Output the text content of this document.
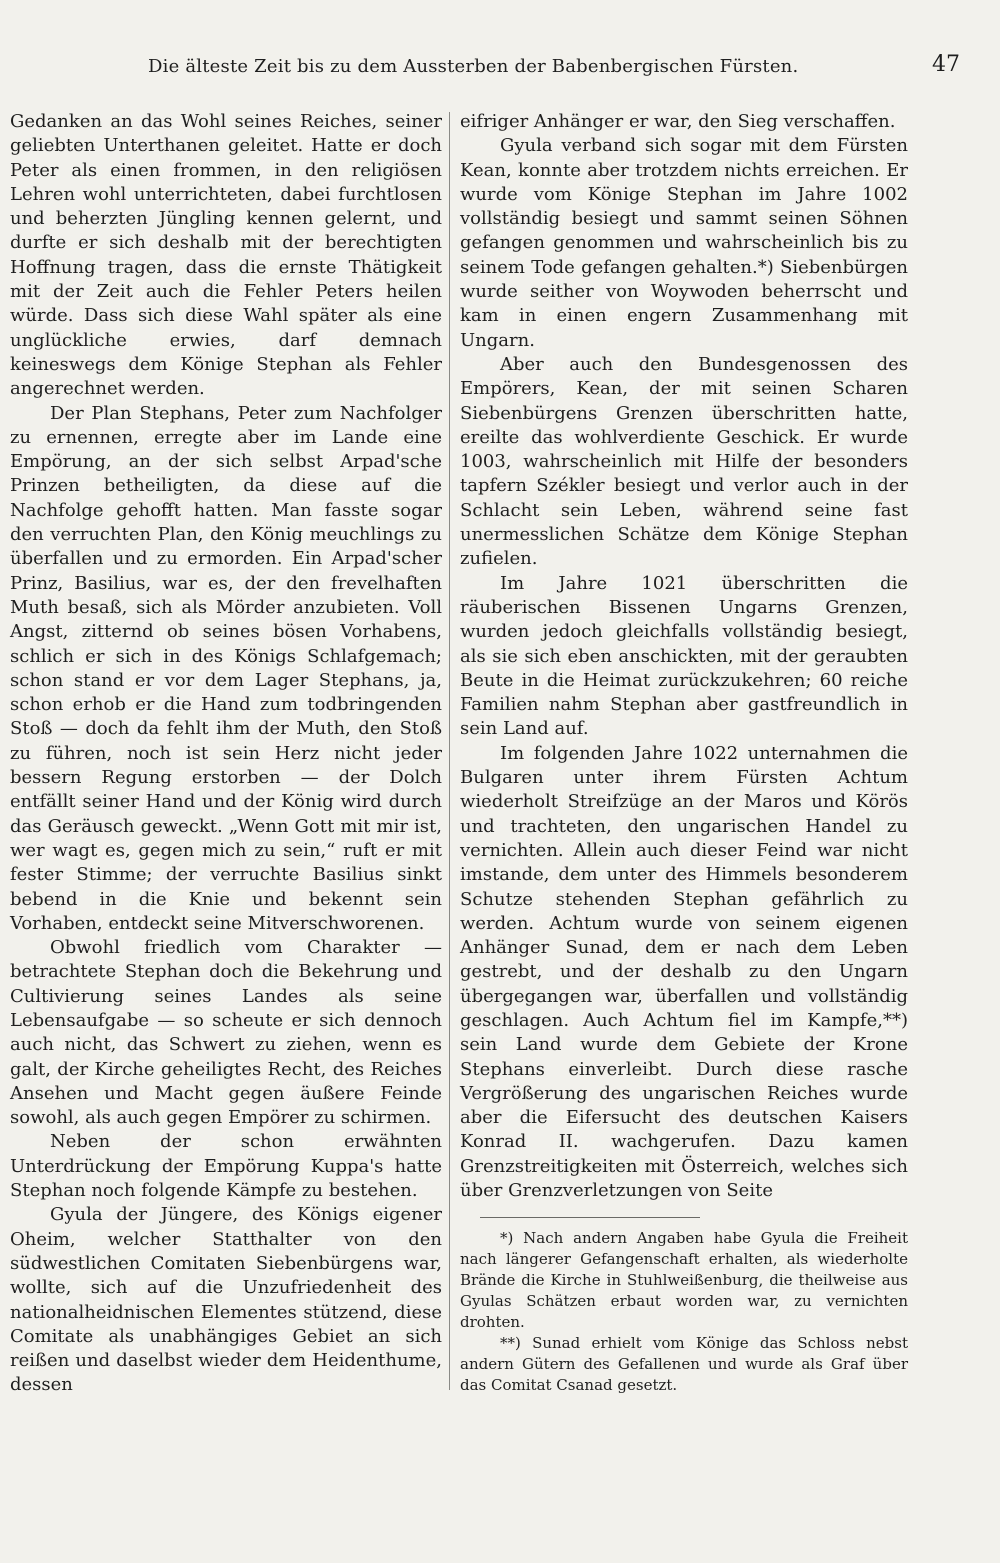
Die älteste Zeit bis zu dem Aussterben der Babenbergischen Fürsten.	47

Gedanken an das Wohl seines Reiches, seiner geliebten Unterthanen geleitet. Hatte er doch Peter als einen frommen, in den religiösen Lehren wohl unterrichteten, dabei furchtlosen und beherzten Jüngling kennen gelernt, und durfte er sich deshalb mit der berechtigten Hoffnung tragen, dass die ernste Thätigkeit mit der Zeit auch die Fehler Peters heilen würde. Dass sich diese Wahl später als eine unglückliche erwies, darf demnach keineswegs dem Könige Stephan als Fehler angerechnet werden.

Der Plan Stephans, Peter zum Nachfolger zu ernennen, erregte aber im Lande eine Empörung, an der sich selbst Arpad'sche Prinzen betheiligten, da diese auf die Nachfolge gehofft hatten. Man fasste sogar den verruchten Plan, den König meuchlings zu überfallen und zu ermorden. Ein Arpad'scher Prinz, Basilius, war es, der den frevelhaften Muth besaß, sich als Mörder anzubieten. Voll Angst, zitternd ob seines bösen Vorhabens, schlich er sich in des Königs Schlafgemach; schon stand er vor dem Lager Stephans, ja, schon erhob er die Hand zum todbringenden Stoß — doch da fehlt ihm der Muth, den Stoß zu führen, noch ist sein Herz nicht jeder bessern Regung erstorben — der Dolch entfällt seiner Hand und der König wird durch das Geräusch geweckt. „Wenn Gott mit mir ist, wer wagt es, gegen mich zu sein,“ ruft er mit fester Stimme; der verruchte Basilius sinkt bebend in die Knie und bekennt sein Vorhaben, entdeckt seine Mitverschworenen.

Obwohl friedlich vom Charakter — betrachtete Stephan doch die Bekehrung und Cultivierung seines Landes als seine Lebensaufgabe — so scheute er sich dennoch auch nicht, das Schwert zu ziehen, wenn es galt, der Kirche geheiligtes Recht, des Reiches Ansehen und Macht gegen äußere Feinde sowohl, als auch gegen Empörer zu schirmen.

Neben der schon erwähnten Unterdrückung der Empörung Kuppa's hatte Stephan noch folgende Kämpfe zu bestehen.

Gyula der Jüngere, des Königs eigener Oheim, welcher Statthalter von den südwestlichen Comitaten Siebenbürgens war, wollte, sich auf die Unzufriedenheit des nationalheidnischen Elementes stützend, diese Comitate als unabhängiges Gebiet an sich reißen und daselbst wieder dem Heidenthume, dessen

eifriger Anhänger er war, den Sieg verschaffen.

Gyula verband sich sogar mit dem Fürsten Kean, konnte aber trotzdem nichts erreichen. Er wurde vom Könige Stephan im Jahre 1002 vollständig besiegt und sammt seinen Söhnen gefangen genommen und wahrscheinlich bis zu seinem Tode gefangen gehalten.*) Siebenbürgen wurde seither von Woywoden beherrscht und kam in einen engern Zusammenhang mit Ungarn.

Aber auch den Bundesgenossen des Empörers, Kean, der mit seinen Scharen Siebenbürgens Grenzen überschritten hatte, ereilte das wohlverdiente Geschick. Er wurde 1003, wahrscheinlich mit Hilfe der besonders tapfern Székler besiegt und verlor auch in der Schlacht sein Leben, während seine fast unermesslichen Schätze dem Könige Stephan zufielen.

Im Jahre 1021 überschritten die räuberischen Bissenen Ungarns Grenzen, wurden jedoch gleichfalls vollständig besiegt, als sie sich eben anschickten, mit der geraubten Beute in die Heimat zurückzukehren; 60 reiche Familien nahm Stephan aber gastfreundlich in sein Land auf.

Im folgenden Jahre 1022 unternahmen die Bulgaren unter ihrem Fürsten Achtum wiederholt Streifzüge an der Maros und Körös und trachteten, den ungarischen Handel zu vernichten. Allein auch dieser Feind war nicht imstande, dem unter des Himmels besonderem Schutze stehenden Stephan gefährlich zu werden. Achtum wurde von seinem eigenen Anhänger Sunad, dem er nach dem Leben gestrebt, und der deshalb zu den Ungarn übergegangen war, überfallen und vollständig geschlagen. Auch Achtum fiel im Kampfe,**) sein Land wurde dem Gebiete der Krone Stephans einverleibt. Durch diese rasche Vergrößerung des ungarischen Reiches wurde aber die Eifersucht des deutschen Kaisers Konrad II. wachgerufen. Dazu kamen Grenzstreitigkeiten mit Österreich, welches sich über Grenzverletzungen von Seite

*) Nach andern Angaben habe Gyula die Freiheit nach längerer Gefangenschaft erhalten, als wiederholte Brände die Kirche in Stuhlweißenburg, die theilweise aus Gyulas Schätzen erbaut worden war, zu vernichten drohten.

**) Sunad erhielt vom Könige das Schloss nebst andern Gütern des Gefallenen und wurde als Graf über das Comitat Csanad gesetzt.
